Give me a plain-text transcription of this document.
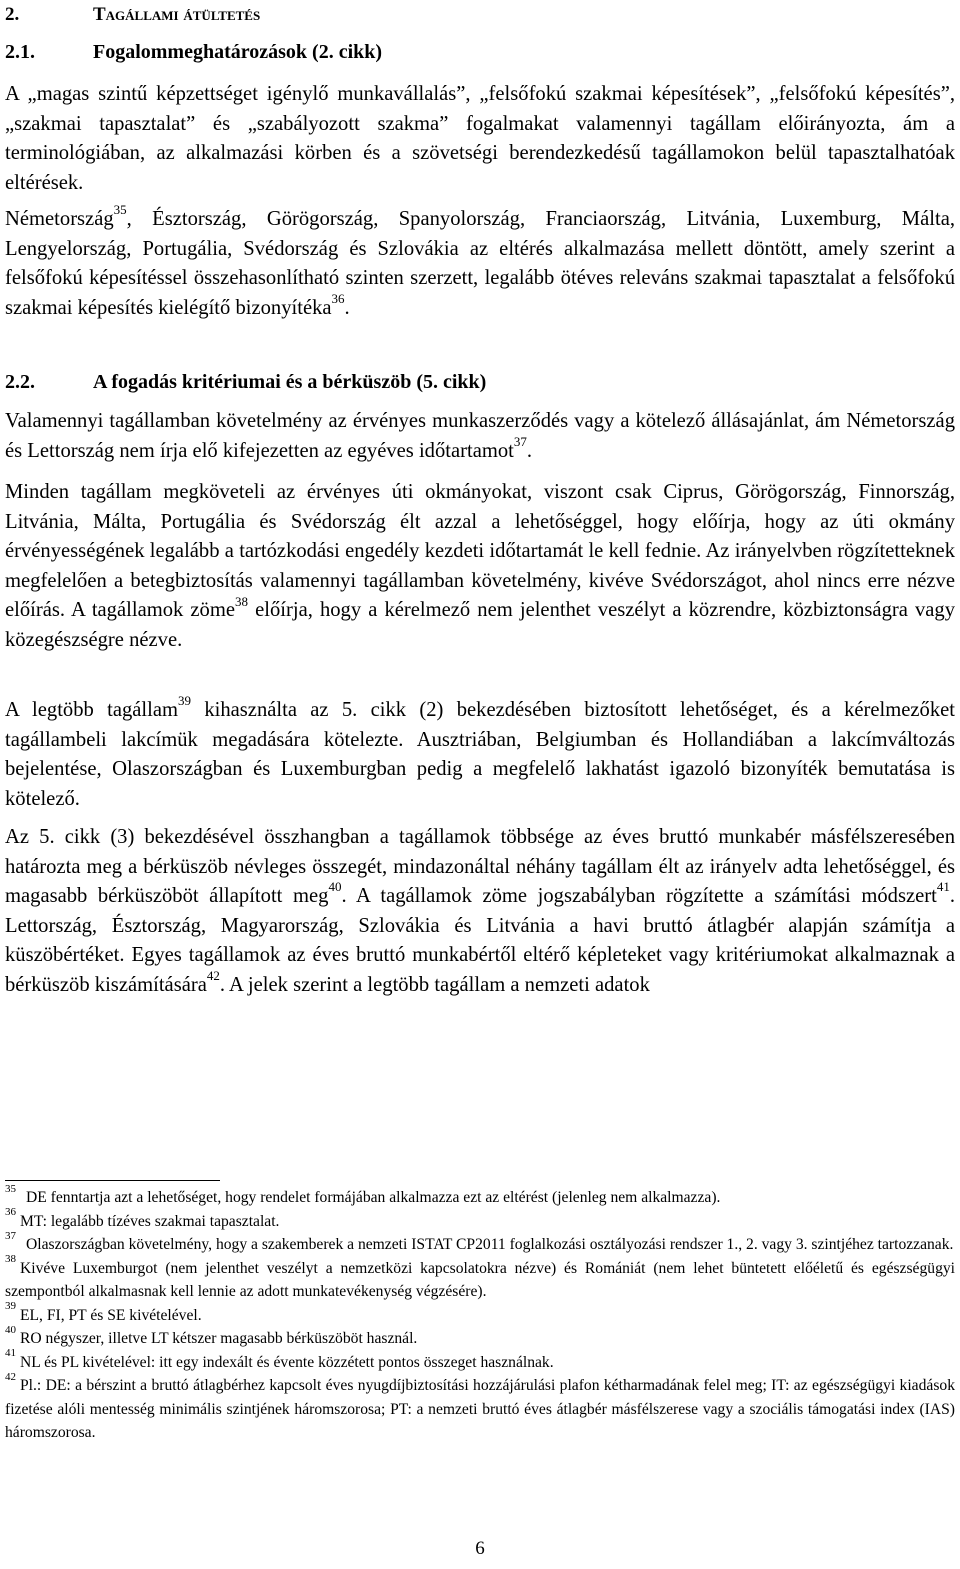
2.	Tagállami átültetés
2.1.	Fogalommeghatározások (2. cikk)

A „magas szintű képzettséget igénylő munkavállalás”, „felsőfokú szakmai képesítések”, „felsőfokú képesítés”, „szakmai tapasztalat” és „szabályozott szakma” fogalmakat valamennyi tagállam előirányozta, ám a terminológiában, az alkalmazási körben és a szövetségi berendezkedésű tagállamokon belül tapasztalhatóak eltérések.

Németország$^{35}$, Észtország, Görögország, Spanyolország, Franciaország, Litvánia, Luxemburg, Málta, Lengyelország, Portugália, Svédország és Szlovákia az eltérés alkalmazása mellett döntött, amely szerint a felsőfokú képesítéssel összehasonlítható szinten szerzett, legalább ötéves releváns szakmai tapasztalat a felsőfokú szakmai képesítés kielégítő bizonyítéka$^{36}$.

2.2.	A fogadás kritériumai és a bérküszöb (5. cikk)

Valamennyi tagállamban követelmény az érvényes munkaszerződés vagy a kötelező állásajánlat, ám Németország és Lettország nem írja elő kifejezetten az egyéves időtartamot$^{37}$.

Minden tagállam megköveteli az érvényes úti okmányokat, viszont csak Ciprus, Görögország, Finnország, Litvánia, Málta, Portugália és Svédország élt azzal a lehetőséggel, hogy előírja, hogy az úti okmány érvényességének legalább a tartózkodási engedély kezdeti időtartamát le kell fednie. Az irányelvben rögzítetteknek megfelelően a betegbiztosítás valamennyi tagállamban követelmény, kivéve Svédországot, ahol nincs erre nézve előírás. A tagállamok zöme$^{38}$ előírja, hogy a kérelmező nem jelenthet veszélyt a közrendre, közbiztonságra vagy közegészségre nézve.

A legtöbb tagállam$^{39}$ kihasználta az 5. cikk (2) bekezdésében biztosított lehetőséget, és a kérelmezőket tagállambeli lakcímük megadására kötelezte. Ausztriában, Belgiumban és Hollandiában a lakcímváltozás bejelentése, Olaszországban és Luxemburgban pedig a megfelelő lakhatást igazoló bizonyíték bemutatása is kötelező.

Az 5. cikk (3) bekezdésével összhangban a tagállamok többsége az éves bruttó munkabér másfélszeresében határozta meg a bérküszöb névleges összegét, mindazonáltal néhány tagállam élt az irányelv adta lehetőséggel, és magasabb bérküszöböt állapított meg$^{40}$. A tagállamok zöme jogszabályban rögzítette a számítási módszert$^{41}$. Lettország, Észtország, Magyarország, Szlovákia és Litvánia a havi bruttó átlagbér alapján számítja a küszöbértéket. Egyes tagállamok az éves bruttó munkabértől eltérő képleteket vagy kritériumokat alkalmaznak a bérküszöb kiszámítására$^{42}$. A jelek szerint a legtöbb tagállam a nemzeti adatok

$^{35}$DE fenntartja azt a lehetőséget, hogy rendelet formájában alkalmazza ezt az eltérést (jelenleg nem alkalmazza).

$^{36}$MT: legalább tízéves szakmai tapasztalat.

$^{37}$Olaszországban követelmény, hogy a szakemberek a nemzeti ISTAT CP2011 foglalkozási osztályozási rendszer 1., 2. vagy 3. szintjéhez tartozzanak.

$^{38}$Kivéve Luxemburgot (nem jelenthet veszélyt a nemzetközi kapcsolatokra nézve) és Romániát (nem lehet büntetett előéletű és egészségügyi szempontból alkalmasnak kell lennie az adott munkatevékenység végzésére).

$^{39}$EL, FI, PT és SE kivételével.

$^{40}$RO négyszer, illetve LT kétszer magasabb bérküszöböt használ.

$^{41}$NL és PL kivételével: itt egy indexált és évente közzétett pontos összeget használnak.

$^{42}$Pl.: DE: a bérszint a bruttó átlagbérhez kapcsolt éves nyugdíjbiztosítási hozzájárulási plafon kétharmadának felel meg; IT: az egészségügyi kiadások fizetése alóli mentesség minimális szintjének háromszorosa; PT: a nemzeti bruttó éves átlagbér másfélszerese vagy a szociális támogatási index (IAS) háromszorosa.

6
